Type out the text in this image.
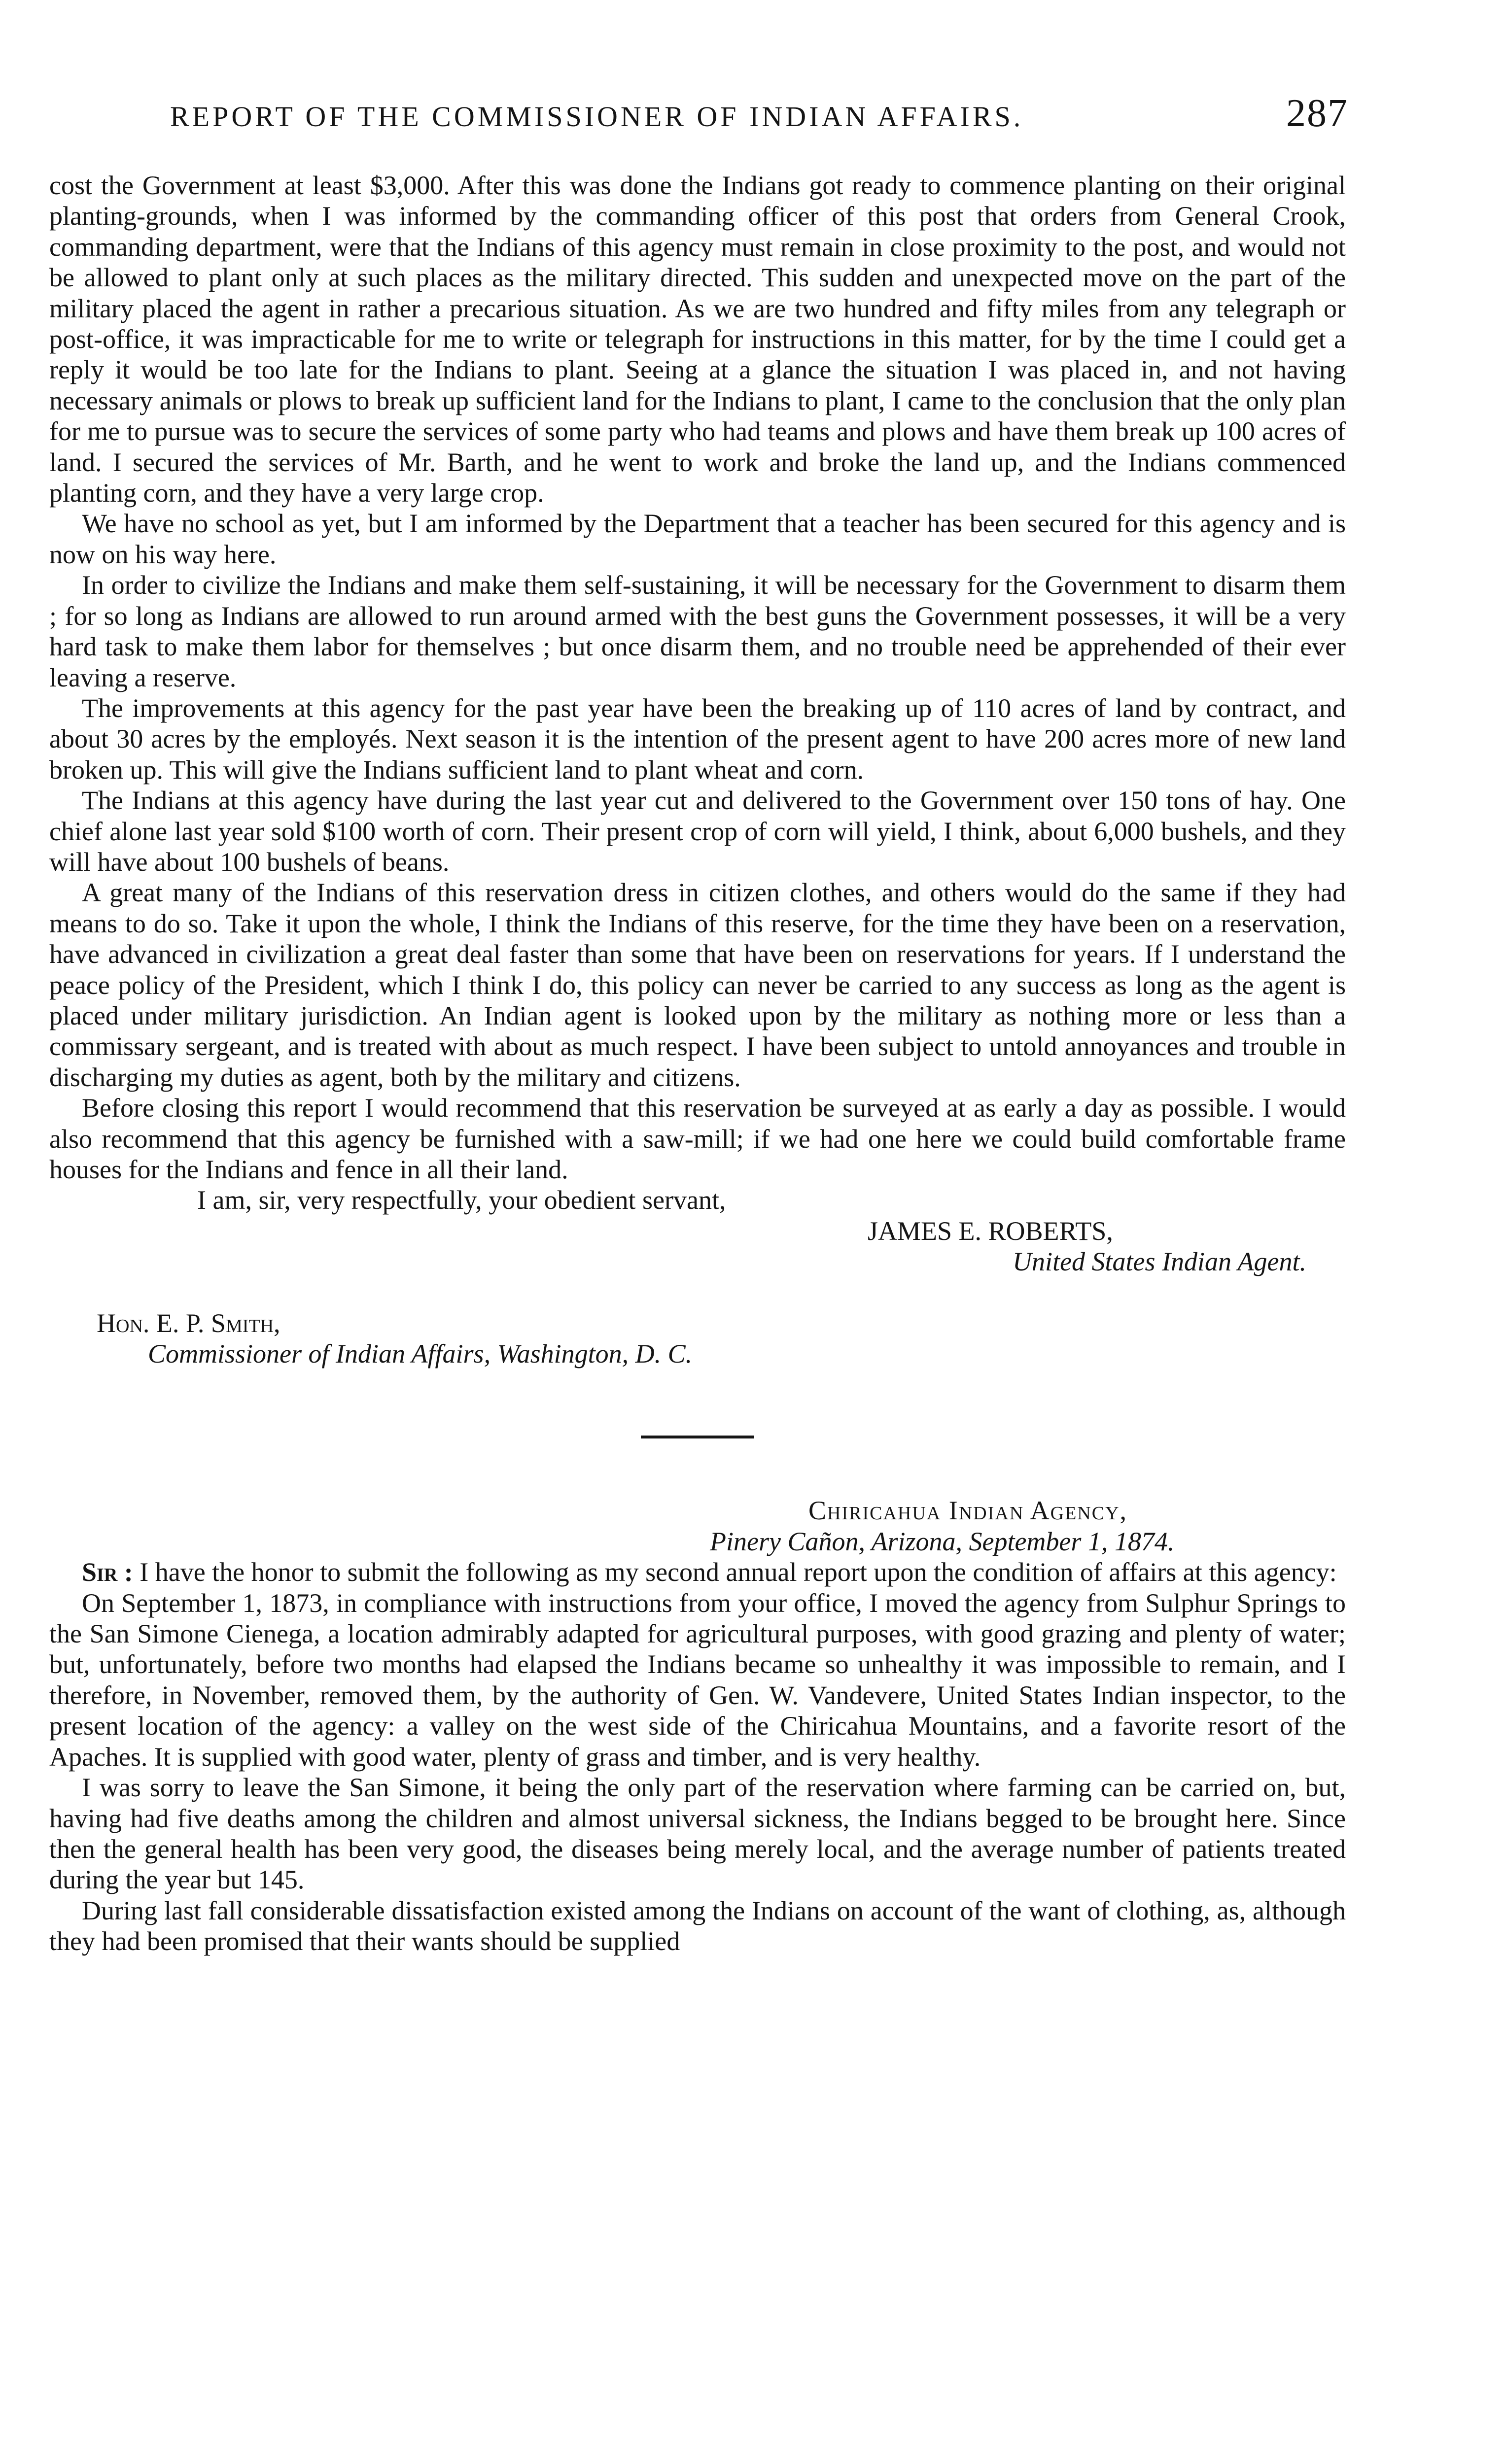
REPORT OF THE COMMISSIONER OF INDIAN AFFAIRS.	287

cost the Government at least $3,000. After this was done the Indians got ready to commence planting on their original planting-grounds, when I was informed by the commanding officer of this post that orders from General Crook, commanding department, were that the Indians of this agency must remain in close proximity to the post, and would not be allowed to plant only at such places as the military directed. This sudden and unexpected move on the part of the military placed the agent in rather a precarious situation. As we are two hundred and fifty miles from any telegraph or post-office, it was impracticable for me to write or telegraph for instructions in this matter, for by the time I could get a reply it would be too late for the Indians to plant. Seeing at a glance the situation I was placed in, and not having necessary animals or plows to break up sufficient land for the Indians to plant, I came to the conclusion that the only plan for me to pursue was to secure the services of some party who had teams and plows and have them break up 100 acres of land. I secured the services of Mr. Barth, and he went to work and broke the land up, and the Indians commenced planting corn, and they have a very large crop.

We have no school as yet, but I am informed by the Department that a teacher has been secured for this agency and is now on his way here.

In order to civilize the Indians and make them self-sustaining, it will be necessary for the Government to disarm them ; for so long as Indians are allowed to run around armed with the best guns the Government possesses, it will be a very hard task to make them labor for themselves ; but once disarm them, and no trouble need be apprehended of their ever leaving a reserve.

The improvements at this agency for the past year have been the breaking up of 110 acres of land by contract, and about 30 acres by the employés. Next season it is the intention of the present agent to have 200 acres more of new land broken up. This will give the Indians sufficient land to plant wheat and corn.

The Indians at this agency have during the last year cut and delivered to the Government over 150 tons of hay. One chief alone last year sold $100 worth of corn. Their present crop of corn will yield, I think, about 6,000 bushels, and they will have about 100 bushels of beans.

A great many of the Indians of this reservation dress in citizen clothes, and others would do the same if they had means to do so. Take it upon the whole, I think the Indians of this reserve, for the time they have been on a reservation, have advanced in civilization a great deal faster than some that have been on reservations for years. If I understand the peace policy of the President, which I think I do, this policy can never be carried to any success as long as the agent is placed under military jurisdiction. An Indian agent is looked upon by the military as nothing more or less than a commissary sergeant, and is treated with about as much respect. I have been subject to untold annoyances and trouble in discharging my duties as agent, both by the military and citizens.

Before closing this report I would recommend that this reservation be surveyed at as early a day as possible. I would also recommend that this agency be furnished with a saw-mill; if we had one here we could build comfortable frame houses for the Indians and fence in all their land.

I am, sir, very respectfully, your obedient servant,

JAMES E. ROBERTS,
United States Indian Agent.
Hon. E. P. Smith,
Commissioner of Indian Affairs, Washington, D. C.
Chiricahua Indian Agency,
Pinery Cañon, Arizona, September 1, 1874.

Sir : I have the honor to submit the following as my second annual report upon the condition of affairs at this agency:

On September 1, 1873, in compliance with instructions from your office, I moved the agency from Sulphur Springs to the San Simone Cienega, a location admirably adapted for agricultural purposes, with good grazing and plenty of water; but, unfortunately, before two months had elapsed the Indians became so unhealthy it was impossible to remain, and I therefore, in November, removed them, by the authority of Gen. W. Vandevere, United States Indian inspector, to the present location of the agency: a valley on the west side of the Chiricahua Mountains, and a favorite resort of the Apaches. It is supplied with good water, plenty of grass and timber, and is very healthy.

I was sorry to leave the San Simone, it being the only part of the reservation where farming can be carried on, but, having had five deaths among the children and almost universal sickness, the Indians begged to be brought here. Since then the general health has been very good, the diseases being merely local, and the average number of patients treated during the year but 145.

During last fall considerable dissatisfaction existed among the Indians on account of the want of clothing, as, although they had been promised that their wants should be supplied
